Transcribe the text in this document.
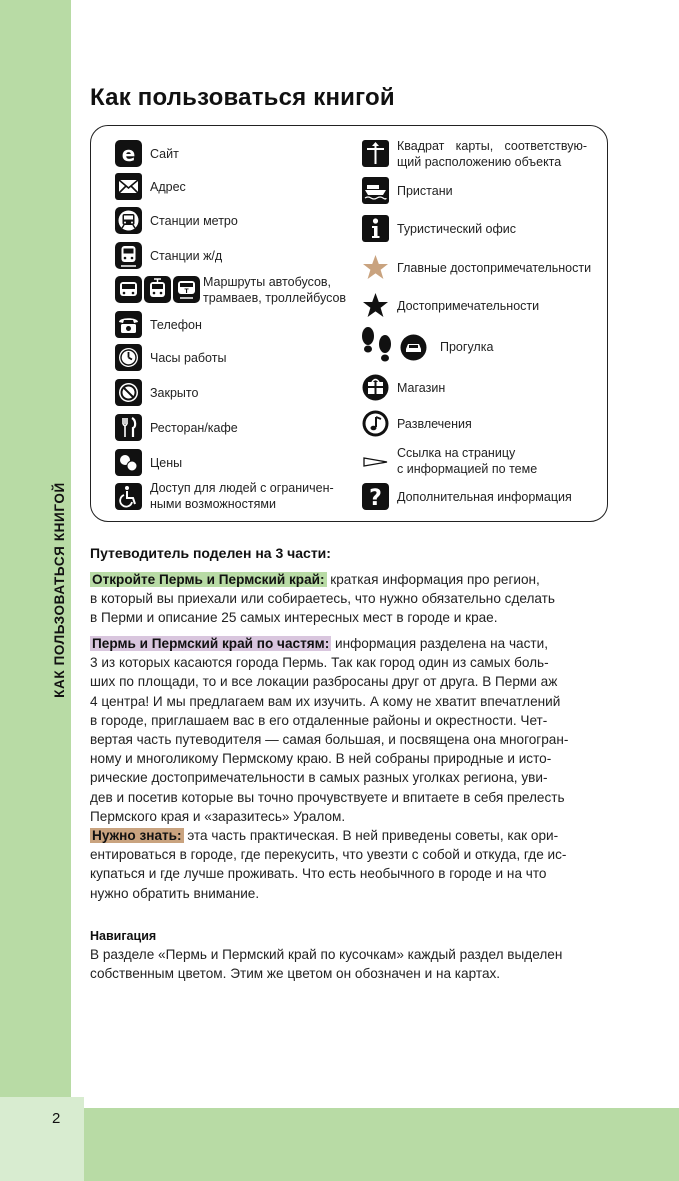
КАК ПОЛЬЗОВАТЬСЯ КНИГОЙ
2
Как пользоваться книгой
e Сайт
Адрес
Станции метро
Станции ж/д
T
Маршруты автобусов,
трамваев, троллейбусов
Телефон
Часы работы
Закрыто
Ресторан/кафе
Цены
Доступ для людей с ограничен-
ными возможностями
Квадрат карты, соответствую-
щий расположению объекта
Пристани
Туристический офис
Главные достопримечательности
Достопримечательности
Прогулка
Магазин
Развлечения
Ссылка на страницу
с информацией по теме
? Дополнительная информация
Путеводитель поделен на 3 части:
Откройте Пермь и Пермский край: краткая информация про регион,
в который вы приехали или собираетесь, что нужно обязательно сделать
в Перми и описание 25 самых интересных мест в городе и крае.
Пермь и Пермский край по частям: информация разделена на части,
3 из которых касаются города Пермь. Так как город один из самых боль-
ших по площади, то и все локации разбросаны друг от друга. В Перми аж
4 центра! И мы предлагаем вам их изучить. А кому не хватит впечатлений
в городе, приглашаем вас в его отдаленные районы и окрестности. Чет-
вертая часть путеводителя — самая большая, и посвящена она многогран-
ному и многоликому Пермскому краю. В ней собраны природные и исто-
рические достопримечательности в самых разных уголках региона, уви-
дев и посетив которые вы точно прочувствуете и впитаете в себя прелесть
Пермского края и «заразитесь» Уралом.
Нужно знать: эта часть практическая. В ней приведены советы, как ори-
ентироваться в городе, где перекусить, что увезти с собой и откуда, где ис-
купаться и где лучше проживать. Что есть необычного в городе и на что
нужно обратить внимание.
Навигация
В разделе «Пермь и Пермский край по кусочкам» каждый раздел выделен
собственным цветом. Этим же цветом он обозначен и на картах.
